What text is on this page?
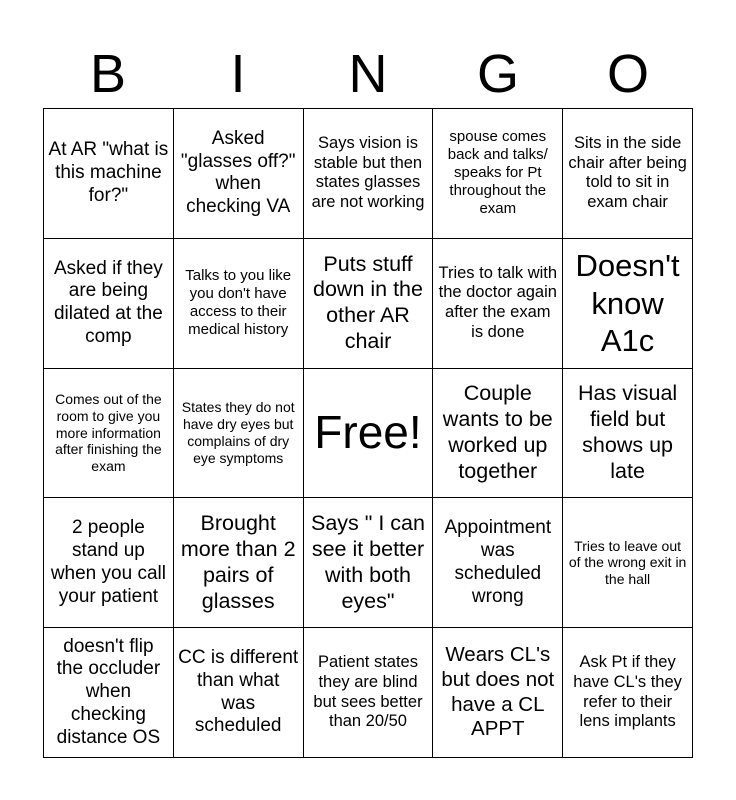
B	I	N	G	O
At AR "what is this machine for?"
Asked "glasses off?" when checking VA
Says vision is stable but then states glasses are not working
spouse comes back and talks/ speaks for Pt throughout the exam
Sits in the side chair after being told to sit in exam chair
Asked if they are being dilated at the comp
Talks to you like you don't have access to their medical history
Puts stuff down in the other AR chair
Tries to talk with the doctor again after the exam is done
Doesn't know A1c
Comes out of the room to give you more information after finishing the exam
States they do not have dry eyes but complains of dry eye symptoms Free!
Couple wants to be worked up together
Has visual field but shows up late
2 people stand up when you call your patient
Brought more than 2 pairs of glasses
Says " I can see it better with both eyes"
Appointment was scheduled wrong
Tries to leave out of the wrong exit in the hall
doesn't flip the occluder when checking distance OS
CC is different than what was scheduled
Patient states they are blind but sees better than 20/50
Wears CL's but does not have a CL APPT
Ask Pt if they have CL's they refer to their lens implants
